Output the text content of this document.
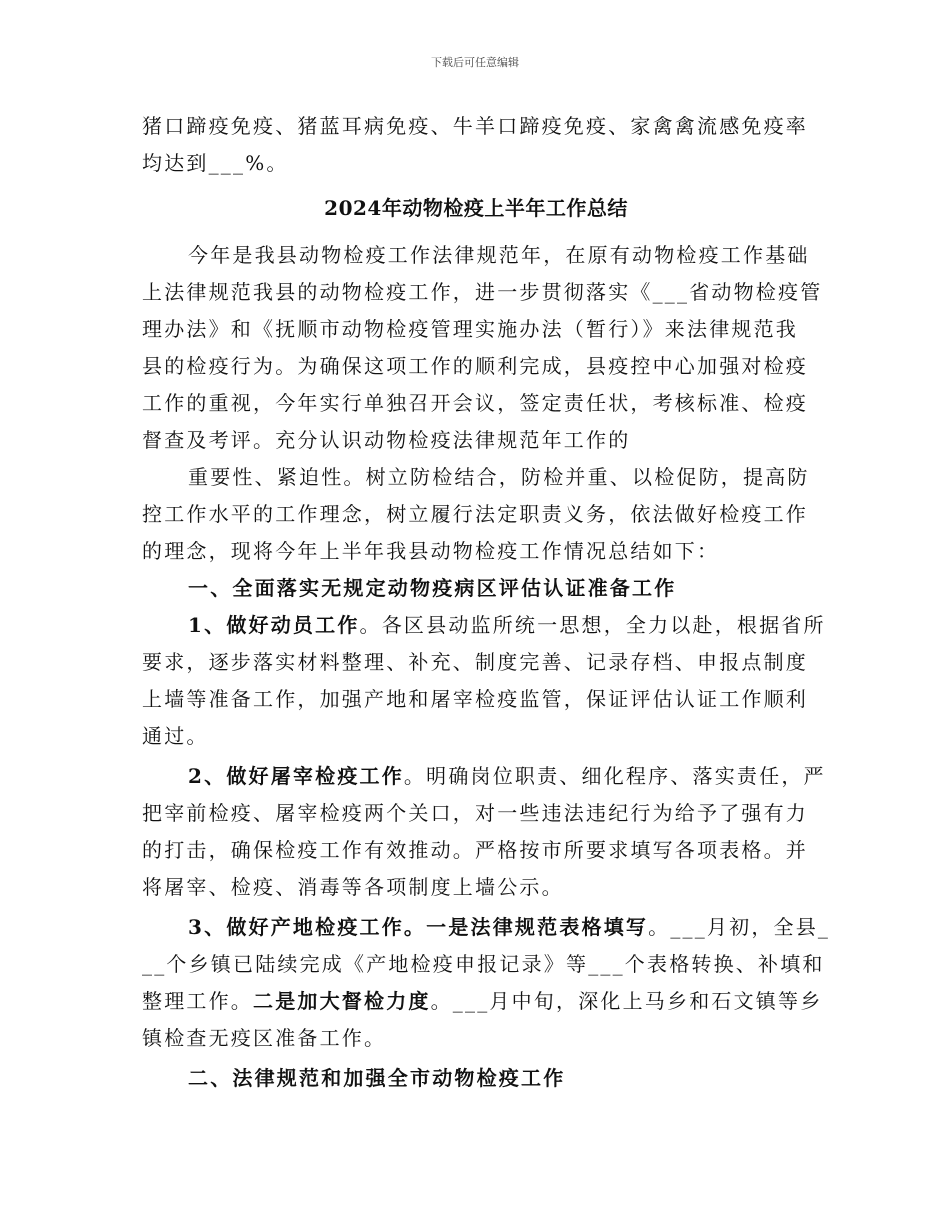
下载后可任意编辑
猪口蹄疫免疫、猪蓝耳病免疫、牛羊口蹄疫免疫、家禽禽流感免疫率
均达到___%。
2024年动物检疫上半年工作总结
今年是我县动物检疫工作法律规范年，在原有动物检疫工作基础
上法律规范我县的动物检疫工作，进一步贯彻落实《___省动物检疫管
理办法》和《抚顺市动物检疫管理实施办法（暂行）》来法律规范我
县的检疫行为。为确保这项工作的顺利完成，县疫控中心加强对检疫
工作的重视，今年实行单独召开会议，签定责任状，考核标准、检疫
督查及考评。充分认识动物检疫法律规范年工作的
重要性、紧迫性。树立防检结合，防检并重、以检促防，提高防
控工作水平的工作理念，树立履行法定职责义务，依法做好检疫工作
的理念，现将今年上半年我县动物检疫工作情况总结如下：
一、全面落实无规定动物疫病区评估认证准备工作
1、做好动员工作。各区县动监所统一思想，全力以赴，根据省所
要求，逐步落实材料整理、补充、制度完善、记录存档、申报点制度
上墙等准备工作，加强产地和屠宰检疫监管，保证评估认证工作顺利
通过。
2、做好屠宰检疫工作。明确岗位职责、细化程序、落实责任，严
把宰前检疫、屠宰检疫两个关口，对一些违法违纪行为给予了强有力
的打击，确保检疫工作有效推动。严格按市所要求填写各项表格。并
将屠宰、检疫、消毒等各项制度上墙公示。
3、做好产地检疫工作。一是法律规范表格填写。___月初，全县_
__个乡镇已陆续完成《产地检疫申报记录》等___个表格转换、补填和
整理工作。二是加大督检力度。___月中旬，深化上马乡和石文镇等乡
镇检查无疫区准备工作。
二、法律规范和加强全市动物检疫工作
